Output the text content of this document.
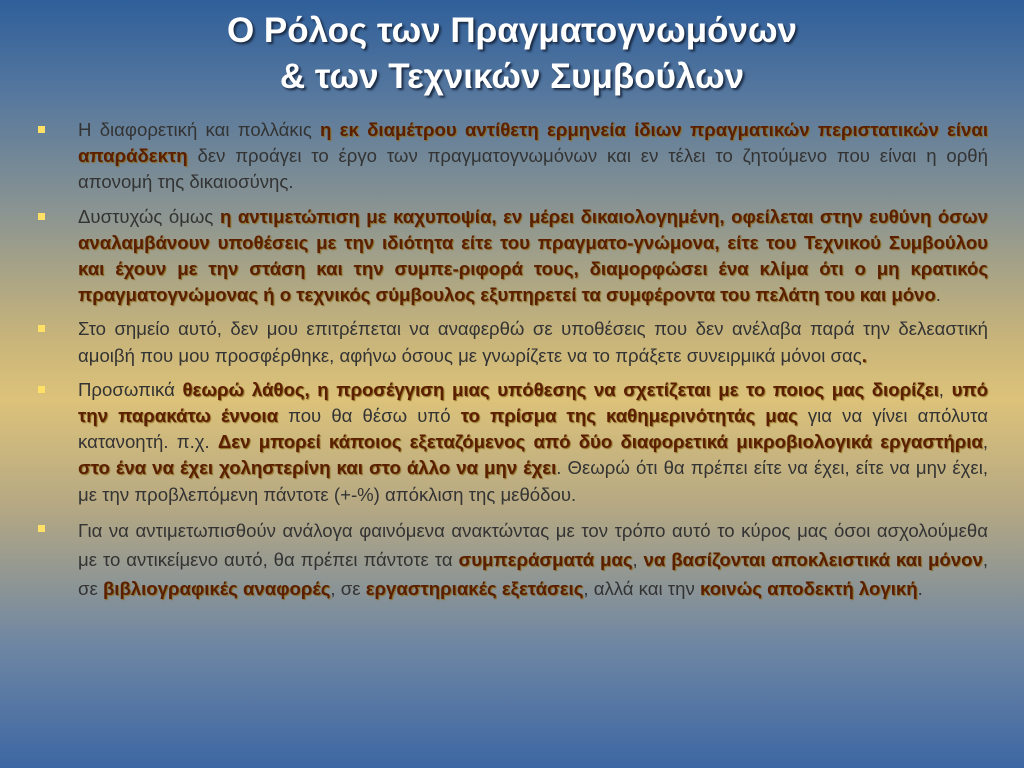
Ο Ρόλος των Πραγματογνωμόνων
& των Τεχνικών Συμβούλων
Η διαφορετική και πολλάκις η εκ διαμέτρου αντίθετη ερμηνεία ίδιων πραγματικών περιστατικών είναι απαράδεκτη δεν προάγει το έργο των πραγματογνωμόνων και εν τέλει το ζητούμενο που είναι η ορθή απονομή της δικαιοσύνης.
Δυστυχώς όμως η αντιμετώπιση με καχυποψία, εν μέρει δικαιολογημένη, οφείλεται στην ευθύνη όσων αναλαμβάνουν υποθέσεις με την ιδιότητα είτε του πραγματο-γνώμονα, είτε του Τεχνικού Συμβούλου και έχουν με την στάση και την συμπε-ριφορά τους, διαμορφώσει ένα κλίμα ότι ο μη κρατικός πραγματογνώμονας ή ο τεχνικός σύμβουλος εξυπηρετεί τα συμφέροντα του πελάτη του και μόνο.
Στο σημείο αυτό, δεν μου επιτρέπεται να αναφερθώ σε υποθέσεις που δεν ανέλαβα παρά την δελεαστική αμοιβή που μου προσφέρθηκε, αφήνω όσους με γνωρίζετε να το πράξετε συνειρμικά μόνοι σας.
Προσωπικά θεωρώ λάθος, η προσέγγιση μιας υπόθεσης να σχετίζεται με το ποιος μας διορίζει, υπό την παρακάτω έννοια που θα θέσω υπό το πρίσμα της καθημερινότητάς μας για να γίνει απόλυτα κατανοητή. π.χ. Δεν μπορεί κάποιος εξεταζόμενος από δύο διαφορετικά μικροβιολογικά εργαστήρια, στο ένα να έχει χοληστερίνη και στο άλλο να μην έχει. Θεωρώ ότι θα πρέπει είτε να έχει, είτε να μην έχει, με την προβλεπόμενη πάντοτε (+-%) απόκλιση της μεθόδου.
Για να αντιμετωπισθούν ανάλογα φαινόμενα ανακτώντας με τον τρόπο αυτό το κύρος μας όσοι ασχολούμεθα με το αντικείμενο αυτό, θα πρέπει πάντοτε τα συμπεράσματά μας, να βασίζονται αποκλειστικά και μόνον, σε βιβλιογραφικές αναφορές, σε εργαστηριακές εξετάσεις, αλλά και την κοινώς αποδεκτή λογική.
